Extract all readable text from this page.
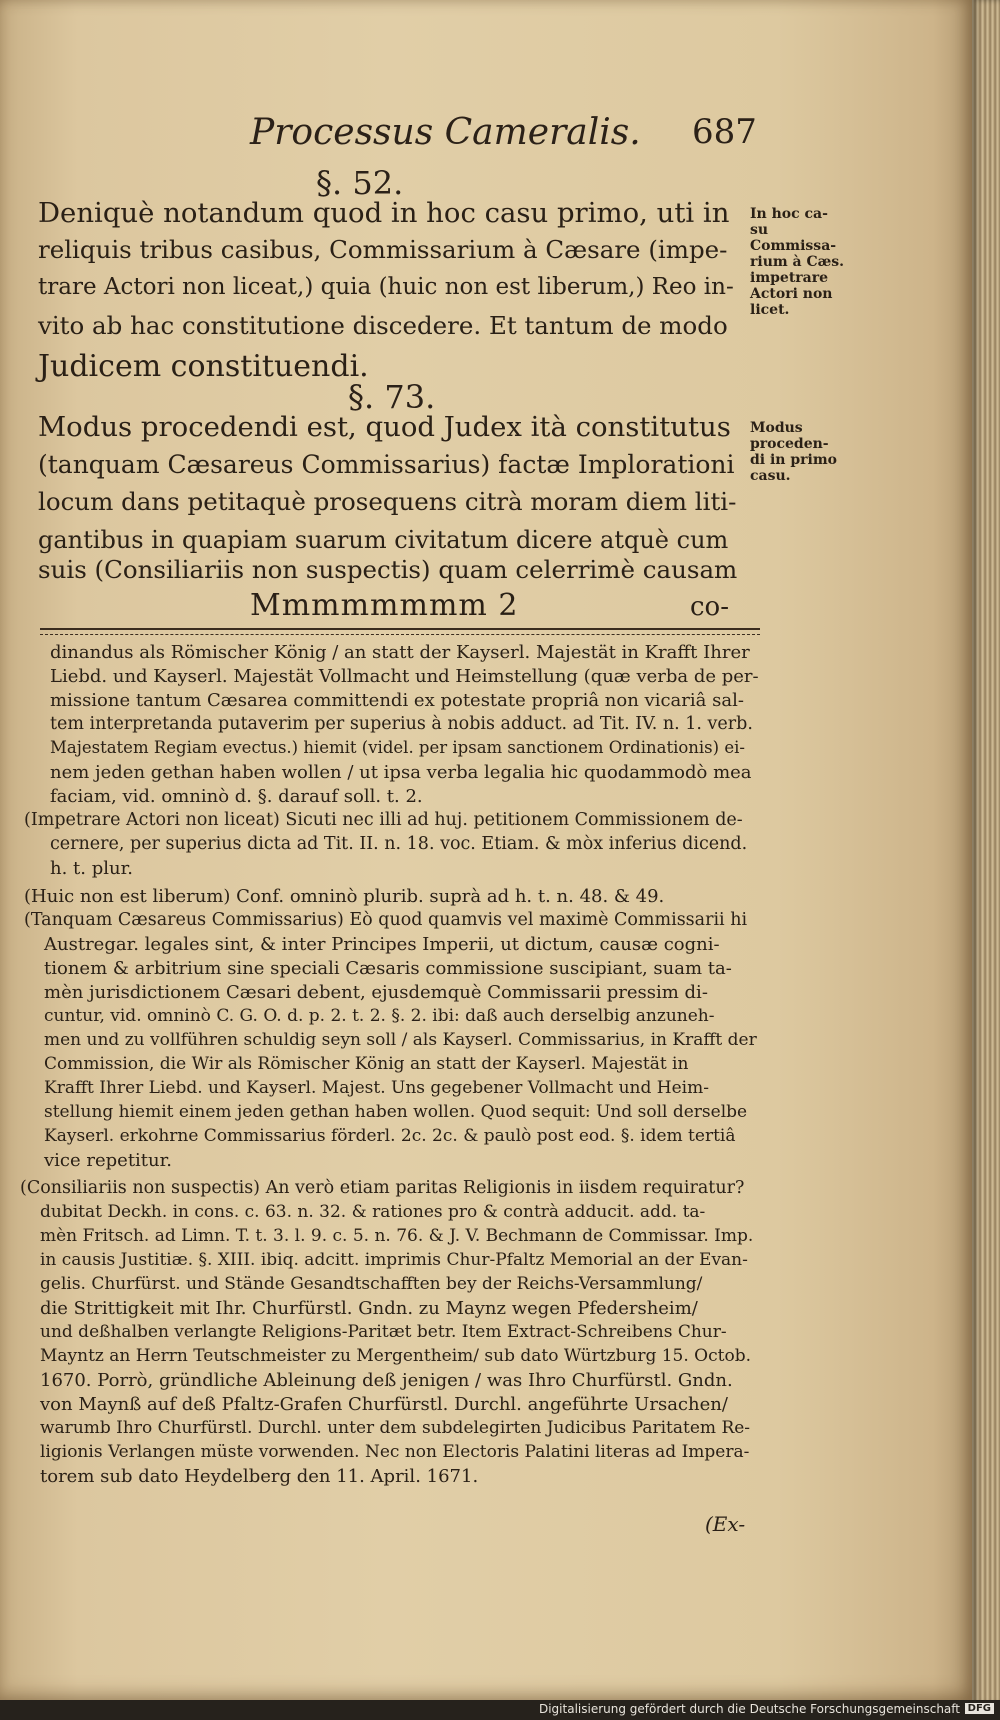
Processus Cameralis. 687
§. 52.
Deniquè notandum quod in hoc casu primo, uti in
reliquis tribus casibus, Commissarium à Cæsare (impe-
trare Actori non liceat,) quia (huic non est liberum,) Reo in-
vito ab hac constitutione discedere. Et tantum de modo
Judicem constituendi.
In hoc ca-
su Commissa-
rium à Cæs.
impetrare
Actori non
licet.
§. 73.
Modus procedendi est, quod Judex ità constitutus
(tanquam Cæsareus Commissarius) factæ Implorationi
locum dans petitaquè prosequens citrà moram diem liti-
gantibus in quapiam suarum civitatum dicere atquè cum
suis (Consiliariis non suspectis) quam celerrimè causam
Modus
proceden-
di in primo
casu.
Mmmmmmmm 2	co-
dinandus als Römischer König / an statt der Kayserl. Majestät in Krafft Ihrer
Liebd. und Kayserl. Majestät Vollmacht und Heimstellung (quæ verba de per-
missione tantum Cæsarea committendi ex potestate propriâ non vicariâ sal-
tem interpretanda putaverim per superius à nobis adduct. ad Tit. IV. n. 1. verb.
Majestatem Regiam evectus.) hiemit (videl. per ipsam sanctionem Ordinationis) ei-
nem jeden gethan haben wollen / ut ipsa verba legalia hic quodammodò mea
faciam, vid. omninò d. §. darauf soll. t. 2.
(Impetrare Actori non liceat) Sicuti nec illi ad huj. petitionem Commissionem de-
cernere, per superius dicta ad Tit. II. n. 18. voc. Etiam. & mòx inferius dicend.
h. t. plur.
(Huic non est liberum) Conf. omninò plurib. suprà ad h. t. n. 48. & 49.
(Tanquam Cæsareus Commissarius) Eò quod quamvis vel maximè Commissarii hi
Austregar. legales sint, & inter Principes Imperii, ut dictum, causæ cogni-
tionem & arbitrium sine speciali Cæsaris commissione suscipiant, suam ta-
mèn jurisdictionem Cæsari debent, ejusdemquè Commissarii pressim di-
cuntur, vid. omninò C. G. O. d. p. 2. t. 2. §. 2. ibi: daß auch derselbig anzuneh-
men und zu vollführen schuldig seyn soll / als Kayserl. Commissarius, in Krafft der
Commission, die Wir als Römischer König an statt der Kayserl. Majestät in
Krafft Ihrer Liebd. und Kayserl. Majest. Uns gegebener Vollmacht und Heim-
stellung hiemit einem jeden gethan haben wollen. Quod sequit: Und soll derselbe
Kayserl. erkohrne Commissarius förderl. 2c. 2c. & paulò post eod. §. idem tertiâ
vice repetitur.
(Consiliariis non suspectis) An verò etiam paritas Religionis in iisdem requiratur?
dubitat Deckh. in cons. c. 63. n. 32. & rationes pro & contrà adducit. add. ta-
mèn Fritsch. ad Limn. T. t. 3. l. 9. c. 5. n. 76. & J. V. Bechmann de Commissar. Imp.
in causis Justitiæ. §. XIII. ibiq. adcitt. imprimis Chur-Pfaltz Memorial an der Evan-
gelis. Churfürst. und Stände Gesandtschafften bey der Reichs-Versammlung/
die Strittigkeit mit Ihr. Churfürstl. Gndn. zu Maynz wegen Pfedersheim/
und deßhalben verlangte Religions-Paritæt betr. Item Extract-Schreibens Chur-
Mayntz an Herrn Teutschmeister zu Mergentheim/ sub dato Würtzburg 15. Octob.
1670. Porrò, gründliche Ableinung deß jenigen / was Ihro Churfürstl. Gndn.
von Maynß auf deß Pfaltz-Grafen Churfürstl. Durchl. angeführte Ursachen/
warumb Ihro Churfürstl. Durchl. unter dem subdelegirten Judicibus Paritatem Re-
ligionis Verlangen müste vorwenden. Nec non Electoris Palatini literas ad Impera-
torem sub dato Heydelberg den 11. April. 1671.
(Ex-
Digitalisierung gefördert durch die Deutsche Forschungsgemeinschaft DFG
